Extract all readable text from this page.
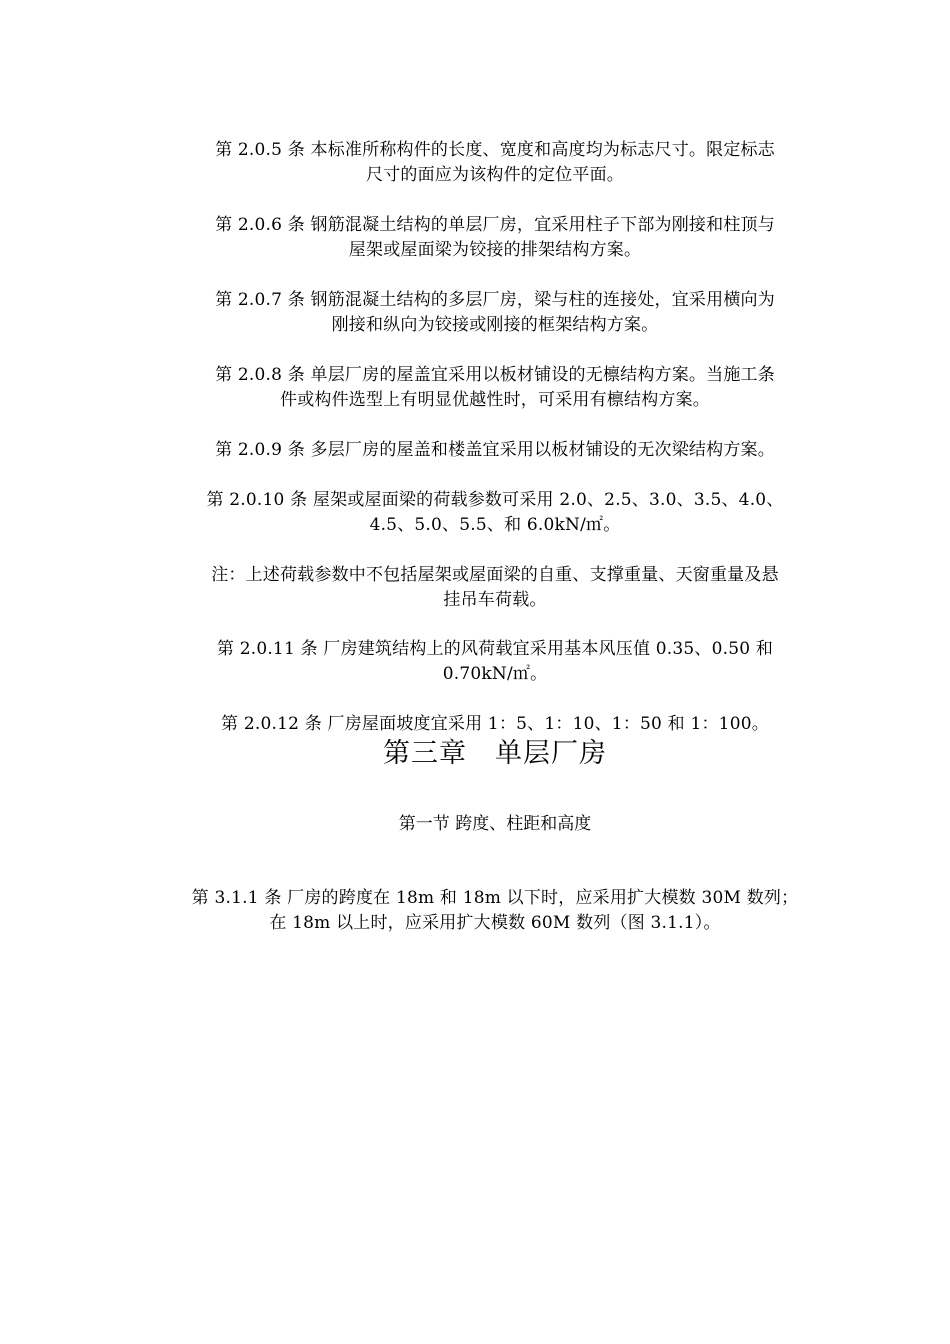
第 2.0.5 条 本标准所称构件的长度、宽度和高度均为标志尺寸。限定标志
尺寸的面应为该构件的定位平面。
第 2.0.6 条 钢筋混凝土结构的单层厂房，宜采用柱子下部为刚接和柱顶与
屋架或屋面梁为铰接的排架结构方案。
第 2.0.7 条 钢筋混凝土结构的多层厂房，梁与柱的连接处，宜采用横向为
刚接和纵向为铰接或刚接的框架结构方案。
第 2.0.8 条 单层厂房的屋盖宜采用以板材铺设的无檩结构方案。当施工条
件或构件选型上有明显优越性时，可采用有檩结构方案。
第 2.0.9 条 多层厂房的屋盖和楼盖宜采用以板材铺设的无次梁结构方案。
第 2.0.10 条 屋架或屋面梁的荷载参数可采用 2.0、2.5、3.0、3.5、4.0、
4.5、5.0、5.5、和 6.0kN/㎡。
注：上述荷载参数中不包括屋架或屋面梁的自重、支撑重量、天窗重量及悬
挂吊车荷载。
第 2.0.11 条 厂房建筑结构上的风荷载宜采用基本风压值 0.35、0.50 和
0.70kN/㎡。
第 2.0.12 条 厂房屋面坡度宜采用 1：5、1：10、1：50 和 1：100。
第三章　单层厂房
第一节 跨度、柱距和高度
第 3.1.1 条 厂房的跨度在 18m 和 18m 以下时，应采用扩大模数 30M 数列；
在 18m 以上时，应采用扩大模数 60M 数列（图 3.1.1）。
